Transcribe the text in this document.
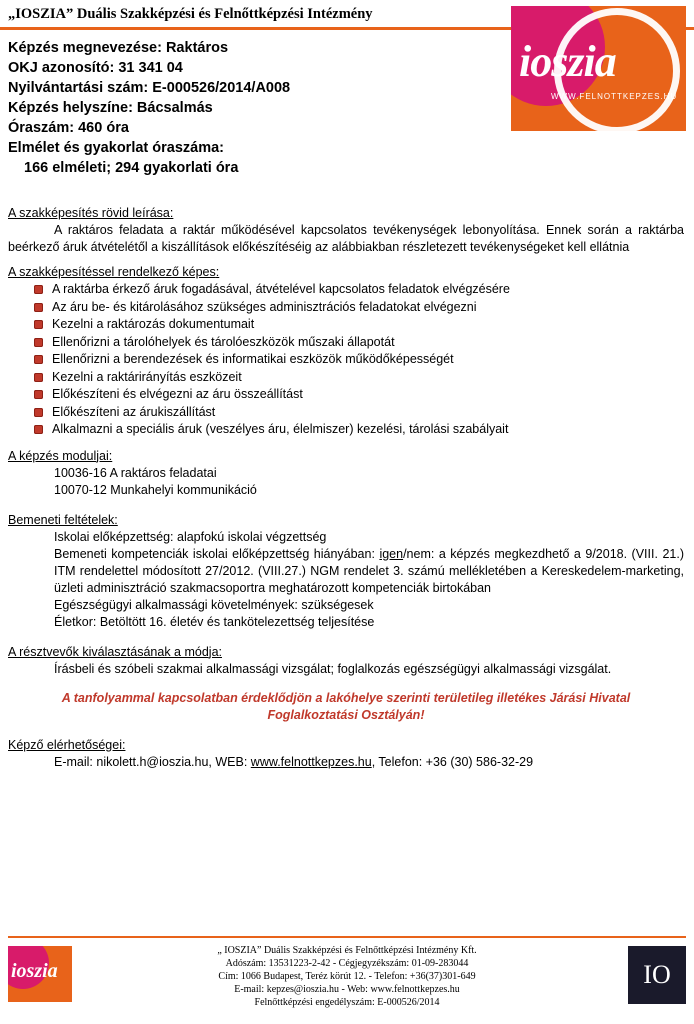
„IOSZIA” Duális Szakképzési és Felnőttképzési Intézmény
ioszia
WWW.FELNOTTKEPZES.HU
Képzés megnevezése: Raktáros
OKJ azonosító: 31 341 04
Nyilvántartási szám: E-000526/2014/A008
Képzés helyszíne: Bácsalmás
Óraszám: 460 óra
Elmélet és gyakorlat óraszáma:
166 elméleti; 294 gyakorlati óra
A szakképesítés rövid leírása:
A raktáros feladata a raktár működésével kapcsolatos tevékenységek lebonyolítása. Ennek során a raktárba beérkező áruk átvételétől a kiszállítások előkészítéséig az alábbiakban részletezett tevékenységeket kell ellátnia
A szakképesítéssel rendelkező képes:
A raktárba érkező áruk fogadásával, átvételével kapcsolatos feladatok elvégzésére
Az áru be- és kitárolásához szükséges adminisztrációs feladatokat elvégezni
Kezelni a raktározás dokumentumait
Ellenőrizni a tárolóhelyek és tárolóeszközök műszaki állapotát
Ellenőrizni a berendezések és informatikai eszközök működőképességét
Kezelni a raktárirányítás eszközeit
Előkészíteni és elvégezni az áru összeállítást
Előkészíteni az árukiszállítást
Alkalmazni a speciális áruk (veszélyes áru, élelmiszer) kezelési, tárolási szabályait
A képzés moduljai:
10036-16 A raktáros feladatai
10070-12 Munkahelyi kommunikáció
Bemeneti feltételek:
Iskolai előképzettség: alapfokú iskolai végzettség
Bemeneti kompetenciák iskolai előképzettség hiányában: igen/nem: a képzés megkezdhető a 9/2018. (VIII. 21.) ITM rendelettel módosított 27/2012. (VIII.27.) NGM rendelet 3. számú mellékletében a Kereskedelem-marketing, üzleti adminisztráció szakmacsoportra meghatározott kompetenciák birtokában
Egészségügyi alkalmassági követelmények: szükségesek
Életkor: Betöltött 16. életév és tankötelezettség teljesítése
A résztvevők kiválasztásának a módja:
Írásbeli és szóbeli szakmai alkalmassági vizsgálat; foglalkozás egészségügyi alkalmassági vizsgálat.
A tanfolyammal kapcsolatban érdeklődjön a lakóhelye szerinti területileg illetékes Járási Hivatal Foglalkoztatási Osztályán!
Képző elérhetőségei:
E-mail: nikolett.h@ioszia.hu, WEB: www.felnottkepzes.hu, Telefon: +36 (30) 586-32-29
ioszia
„ IOSZIA” Duális Szakképzési és Felnőttképzési Intézmény Kft.
Adószám: 13531223-2-42 - Cégjegyzékszám: 01-09-283044
Cím: 1066 Budapest, Teréz körút 12. - Telefon: +36(37)301-649
E-mail: kepzes@ioszia.hu - Web: www.felnottkepzes.hu
Felnőttképzési engedélyszám: E-000526/2014
IO
